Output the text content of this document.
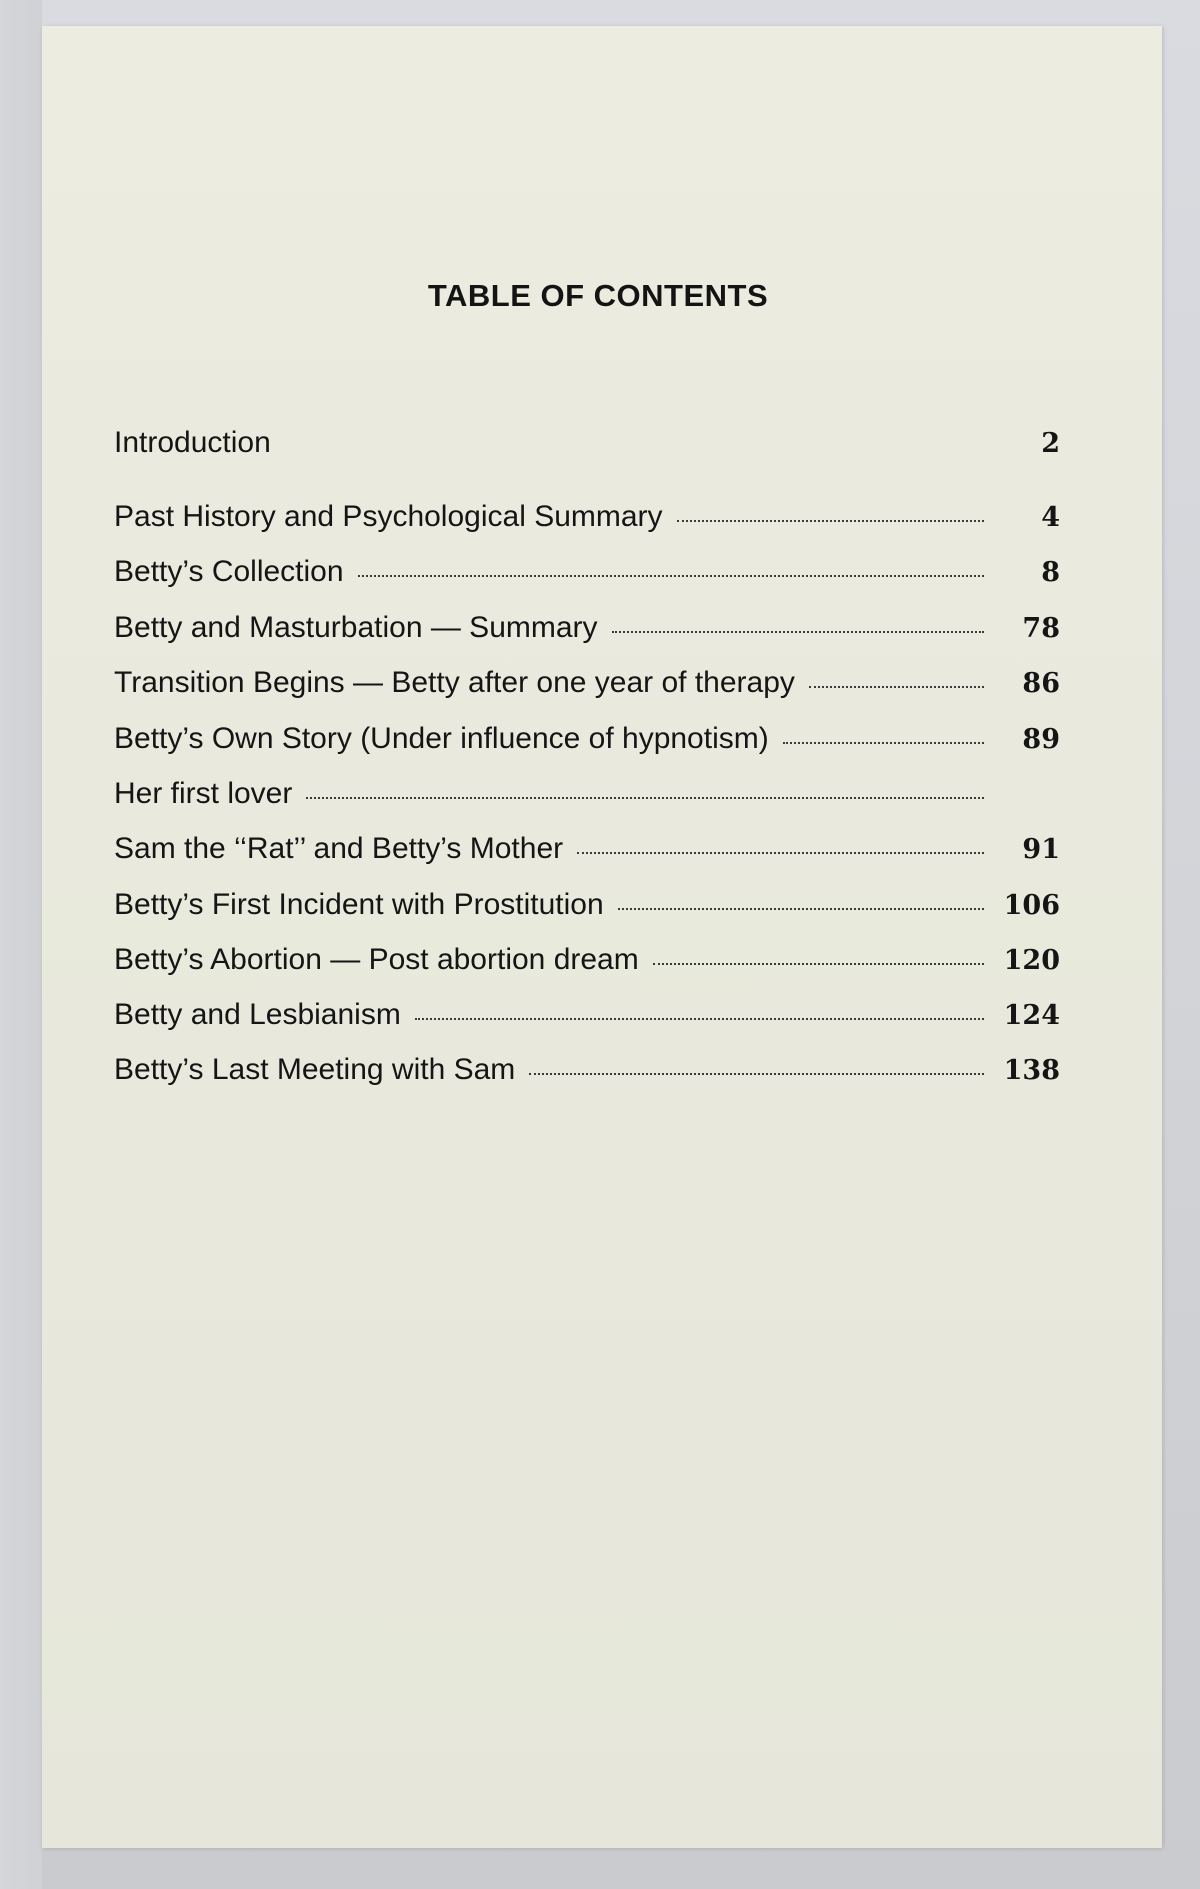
TABLE OF CONTENTS
Introduction	2
Past History and Psychological Summary	4
Betty’s Collection	8
Betty and Masturbation — Summary	78
Transition Begins — Betty after one year of therapy	86
Betty’s Own Story (Under influence of hypnotism)	89
Her first lover
Sam the ‘‘Rat’’ and Betty’s Mother	91
Betty’s First Incident with Prostitution	106
Betty’s Abortion — Post abortion dream	120
Betty and Lesbianism	124
Betty’s Last Meeting with Sam	138
